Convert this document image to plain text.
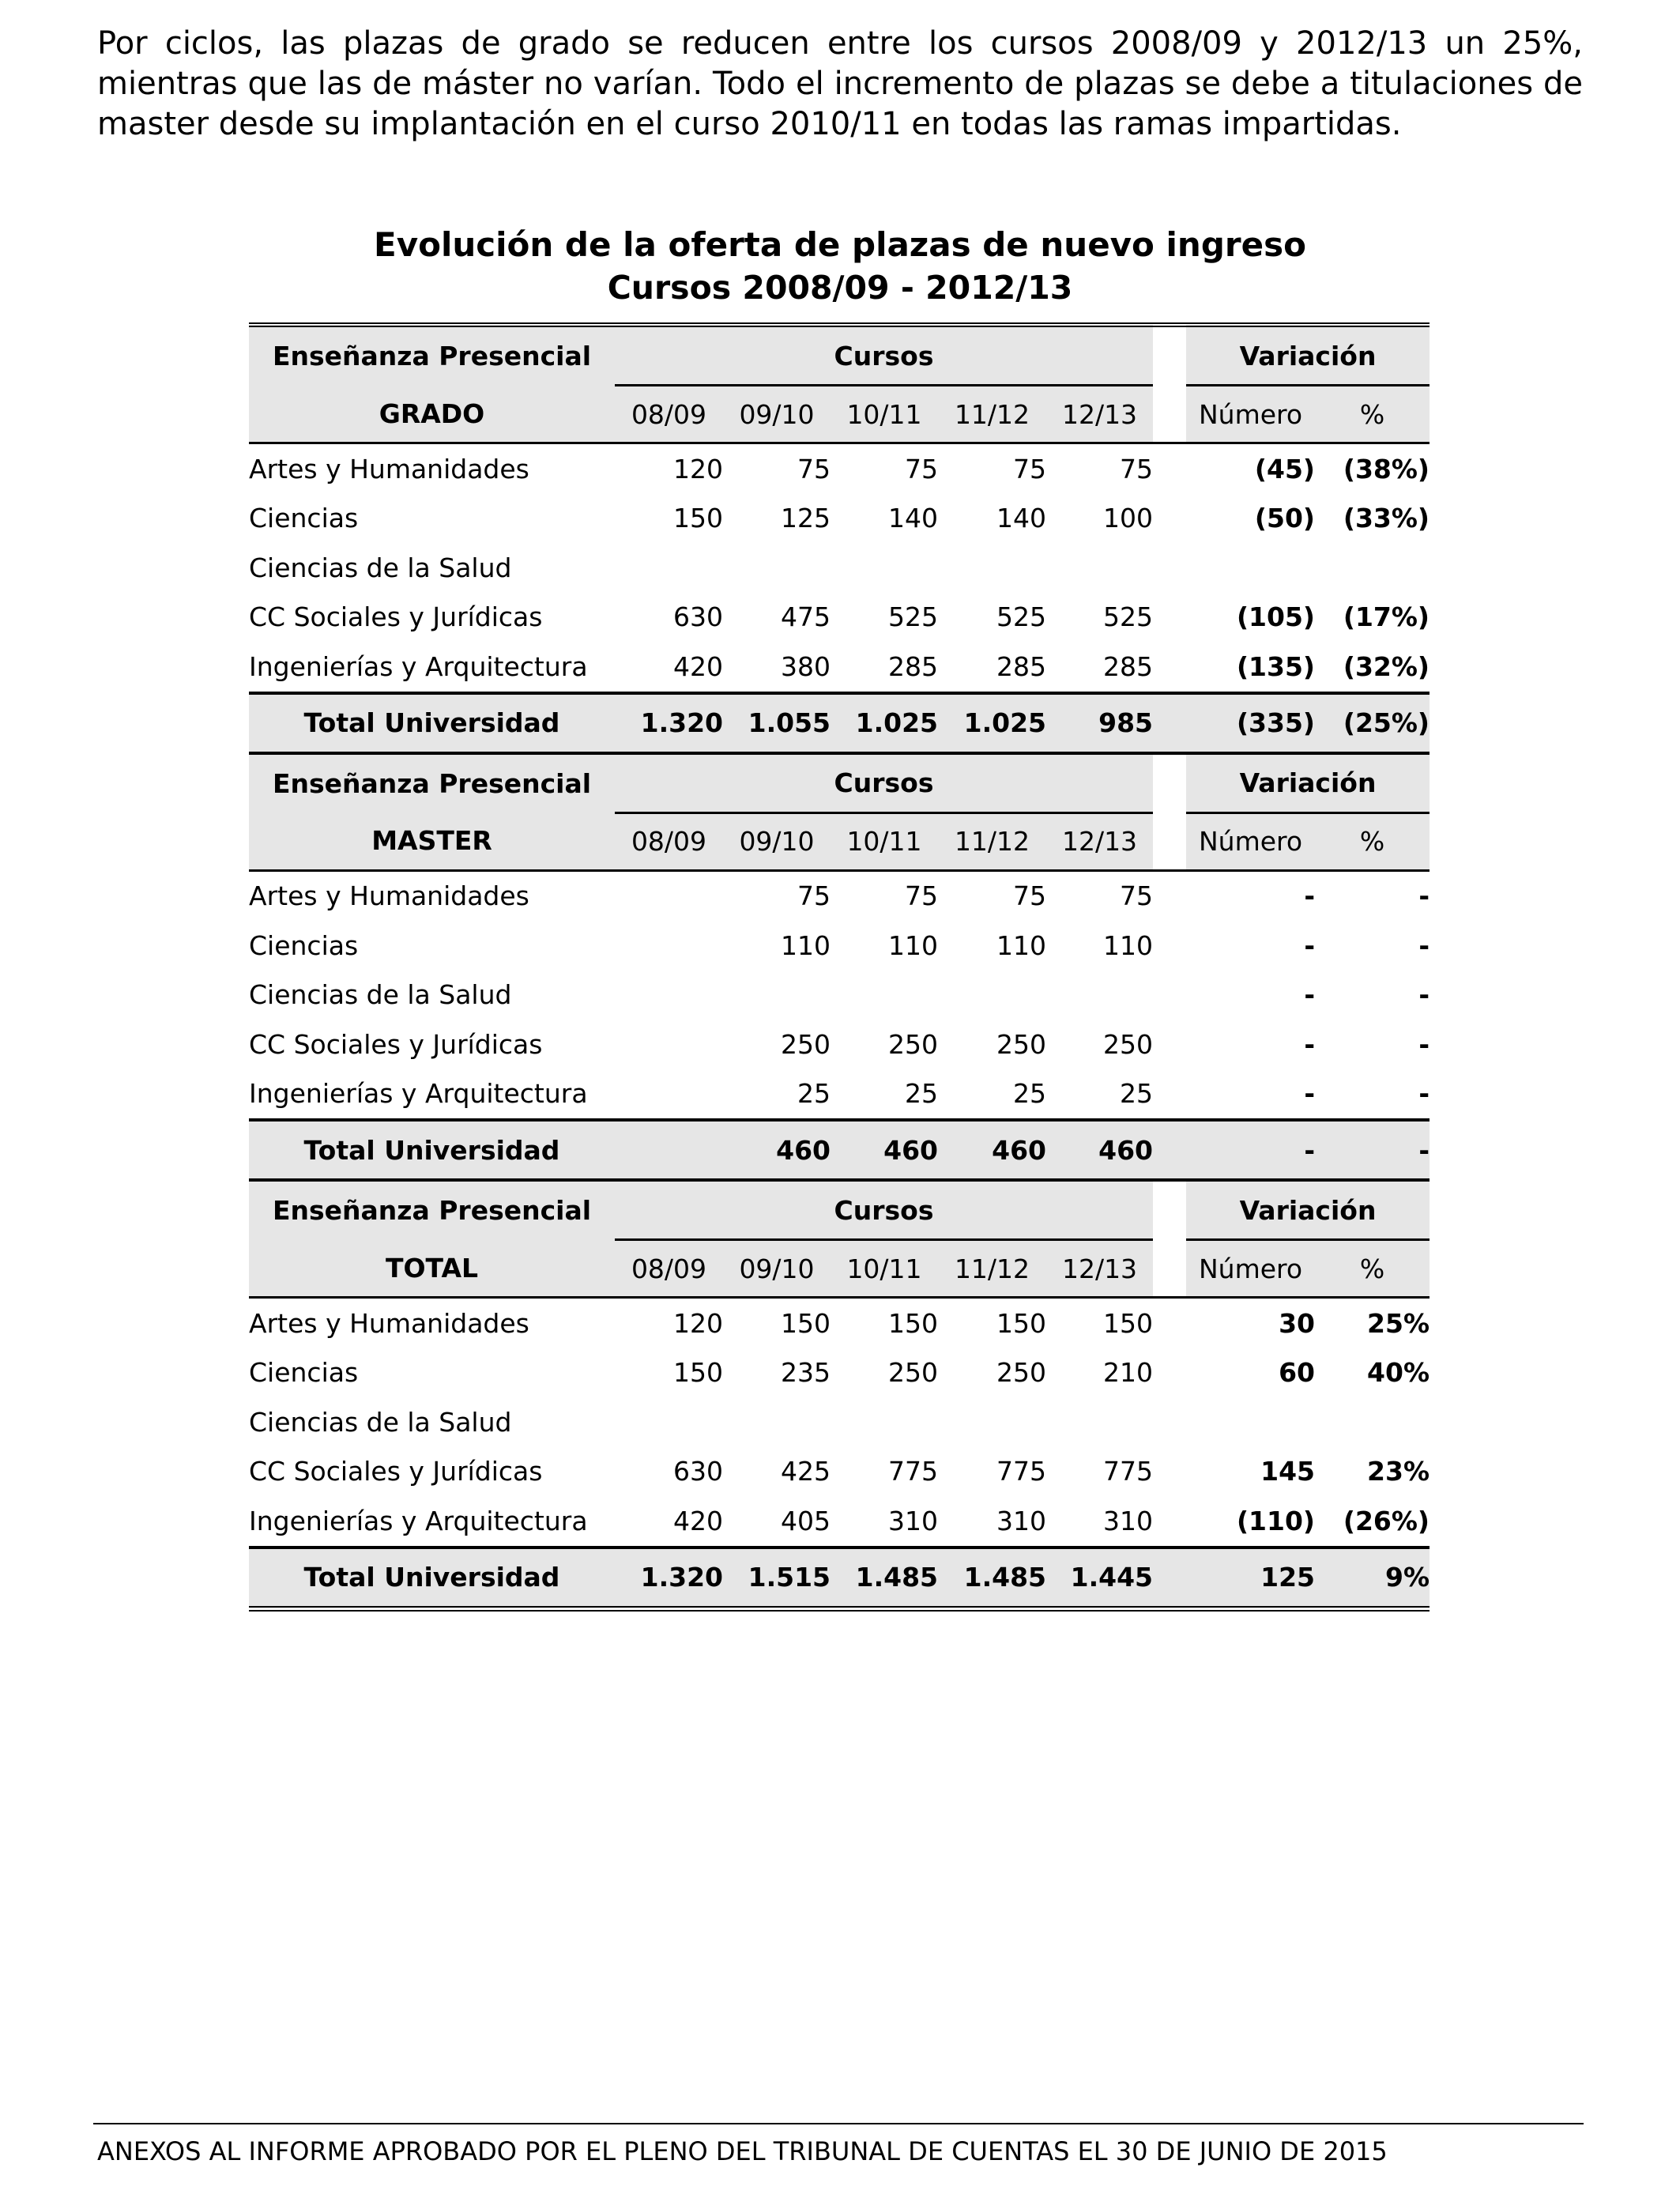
Por ciclos, las plazas de grado se reducen entre los cursos 2008/09 y 2012/13 un 25%, mientras que las de máster no varían. Todo el incremento de plazas se debe a titulaciones de master desde su implantación en el curso 2010/11 en todas las ramas impartidas.

Evolución de la oferta de plazas de nuevo ingreso
Cursos 2008/09 - 2012/13
Enseñanza Presencial	Cursos						Variación	
GRADO	08/09	09/10	10/11	11/12	12/13		Número	%
Artes y Humanidades	120	75	75	75	75		(45)	(38%)
Ciencias	150	125	140	140	100		(50)	(33%)
Ciencias de la Salud								
CC Sociales y Jurídicas	630	475	525	525	525		(105)	(17%)
Ingenierías y Arquitectura	420	380	285	285	285		(135)	(32%)
Total Universidad	1.320	1.055	1.025	1.025	985		(335)	(25%)
Enseñanza Presencial	Cursos						Variación	
MASTER	08/09	09/10	10/11	11/12	12/13		Número	%
Artes y Humanidades		75	75	75	75		-	-
Ciencias		110	110	110	110		-	-
Ciencias de la Salud							-	-
CC Sociales y Jurídicas		250	250	250	250		-	-
Ingenierías y Arquitectura		25	25	25	25		-	-
Total Universidad		460	460	460	460		-	-
Enseñanza Presencial	Cursos						Variación	
TOTAL	08/09	09/10	10/11	11/12	12/13		Número	%
Artes y Humanidades	120	150	150	150	150		30	25%
Ciencias	150	235	250	250	210		60	40%
Ciencias de la Salud								
CC Sociales y Jurídicas	630	425	775	775	775		145	23%
Ingenierías y Arquitectura	420	405	310	310	310		(110)	(26%)
Total Universidad	1.320	1.515	1.485	1.485	1.445		125	9%

ANEXOS AL INFORME APROBADO POR EL PLENO DEL TRIBUNAL DE CUENTAS EL 30 DE JUNIO DE 2015
